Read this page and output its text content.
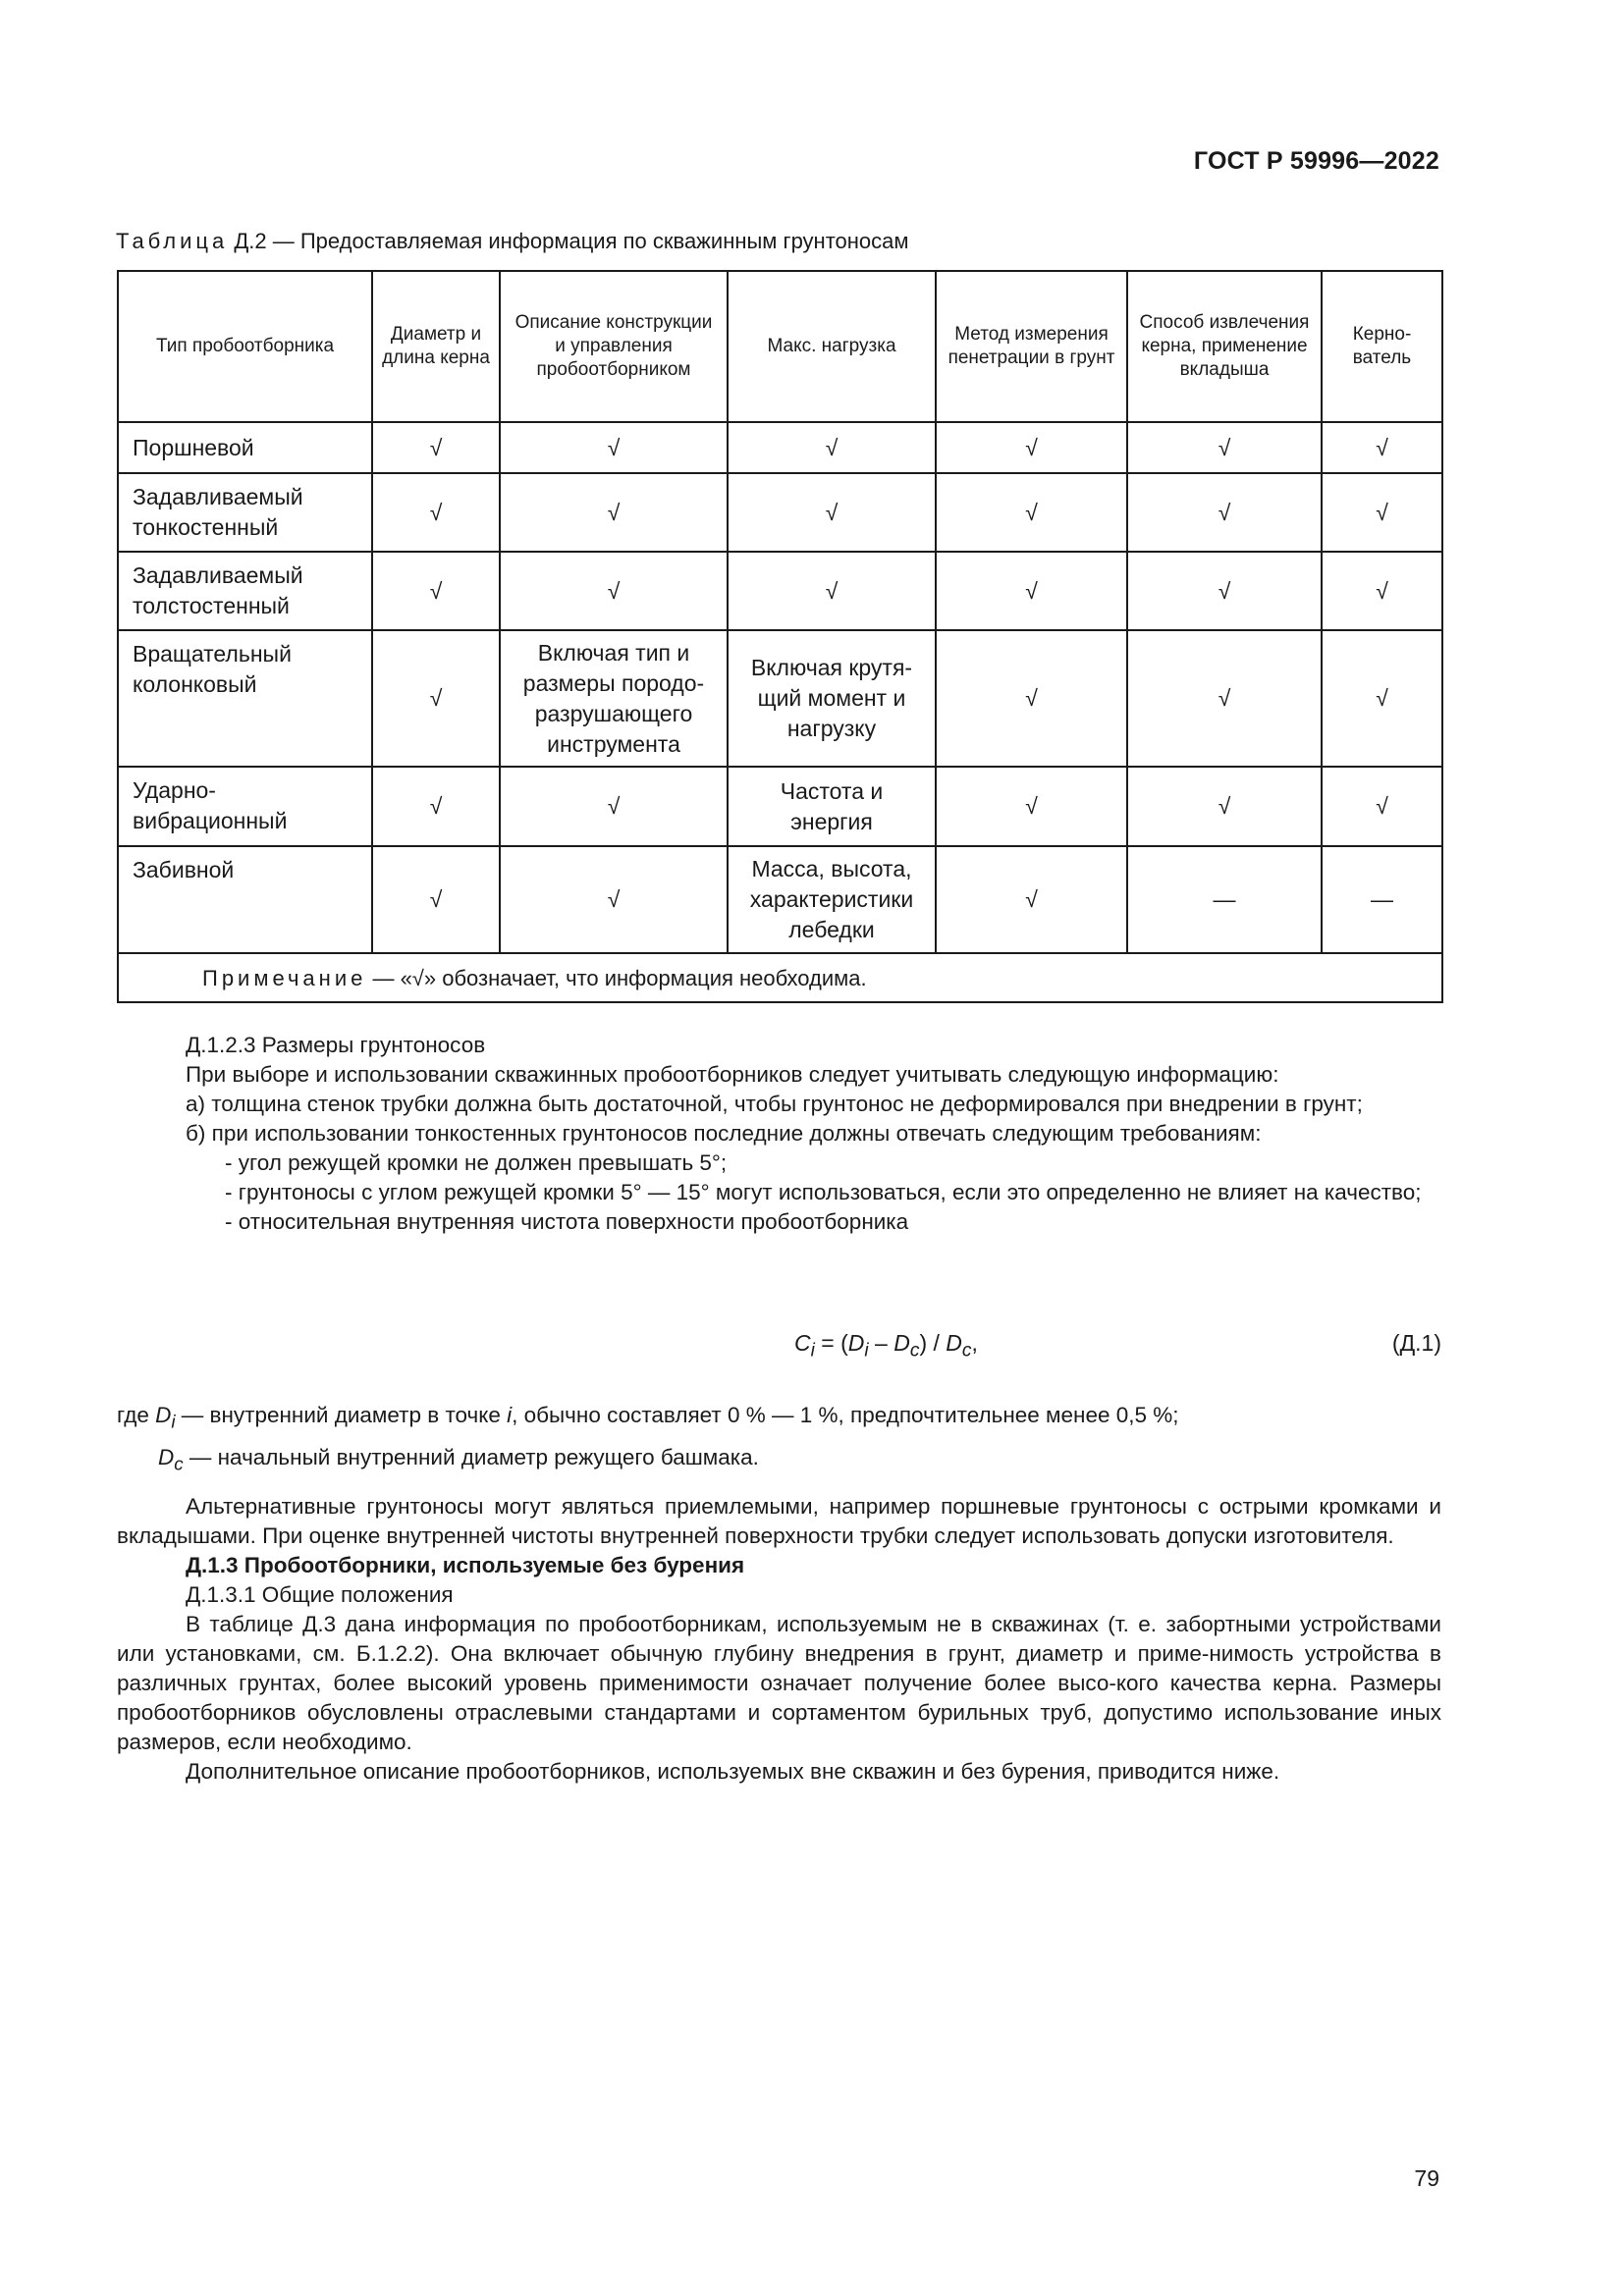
ГОСТ Р 59996—2022
Таблица Д.2 — Предоставляемая информация по скважинным грунтоносам
Тип пробоотборника	Диаметр и длина керна	Описание конструкции и управления пробоотборником	Макс. нагрузка	Метод измерения пенетрации в грунт	Способ извлечения керна, применение вкладыша	Керно-ватель
Поршневой	√	√	√	√	√	√
Задавливаемый тонкостенный	√	√	√	√	√	√
Задавливаемый толстостенный	√	√	√	√	√	√
Вращательный колонковый	√	Включая тип и размеры породо-разрушающего инструмента	Включая крутя-щий момент и нагрузку	√	√	√
Ударно-вибрационный	√	√	Частота и энергия	√	√	√
Забивной	√	√	Масса, высота, характеристики лебедки	√	—	—
Примечание — «√» обозначает, что информация необходима.						

Д.1.2.3 Размеры грунтоносов

При выборе и использовании скважинных пробоотборников следует учитывать следующую информацию:

а) толщина стенок трубки должна быть достаточной, чтобы грунтонос не деформировался при внедрении в грунт;

б) при использовании тонкостенных грунтоносов последние должны отвечать следующим требованиям:

- угол режущей кромки не должен превышать 5°;

- грунтоносы с углом режущей кромки 5° — 15° могут использоваться, если это определенно не влияет на качество;

- относительная внутренняя чистота поверхности пробоотборника

$C_i = (D_i - D_c) / D_c$,	(Д.1)

где $D_i$ — внутренний диаметр в точке i, обычно составляет 0 % — 1 %, предпочтительнее менее 0,5 %;

$D_c$ — начальный внутренний диаметр режущего башмака.

Альтернативные грунтоносы могут являться приемлемыми, например поршневые грунтоносы с острыми кромками и вкладышами. При оценке внутренней чистоты внутренней поверхности трубки следует использовать допуски изготовителя.

Д.1.3 Пробоотборники, используемые без бурения

Д.1.3.1 Общие положения

В таблице Д.3 дана информация по пробоотборникам, используемым не в скважинах (т. е. забортными устройствами или установками, см. Б.1.2.2). Она включает обычную глубину внедрения в грунт, диаметр и приме-нимость устройства в различных грунтах, более высокий уровень применимости означает получение более высо-кого качества керна. Размеры пробоотборников обусловлены отраслевыми стандартами и сортаментом бурильных труб, допустимо использование иных размеров, если необходимо.

Дополнительное описание пробоотборников, используемых вне скважин и без бурения, приводится ниже.

79
